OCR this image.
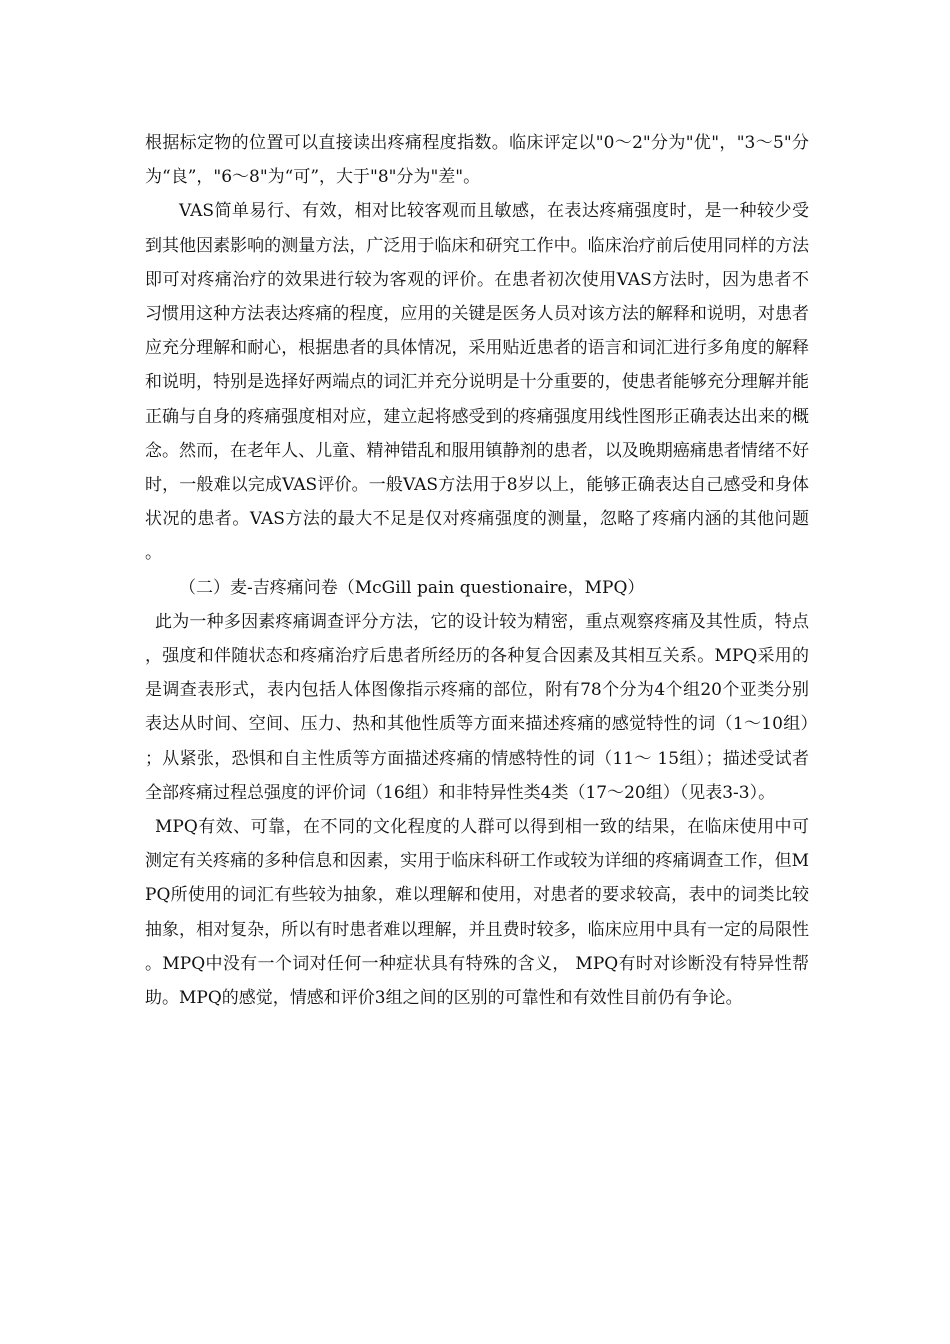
根据标定物的位置可以直接读出疼痛程度指数。临床评定以"0～2"分为"优"，"3～5"分为“良”，"6～8"为“可”，大于"8"分为"差"。

VAS简单易行、有效，相对比较客观而且敏感，在表达疼痛强度时，是一种较少受到其他因素影响的测量方法，广泛用于临床和研究工作中。临床治疗前后使用同样的方法即可对疼痛治疗的效果进行较为客观的评价。在患者初次使用VAS方法时，因为患者不习惯用这种方法表达疼痛的程度，应用的关键是医务人员对该方法的解释和说明，对患者应充分理解和耐心，根据患者的具体情况，采用贴近患者的语言和词汇进行多角度的解释和说明，特别是选择好两端点的词汇并充分说明是十分重要的，使患者能够充分理解并能正确与自身的疼痛强度相对应，建立起将感受到的疼痛强度用线性图形正确表达出来的概念。然而，在老年人、儿童、精神错乱和服用镇静剂的患者，以及晚期癌痛患者情绪不好时，一般难以完成VAS评价。一般VAS方法用于8岁以上，能够正确表达自己感受和身体状况的患者。VAS方法的最大不足是仅对疼痛强度的测量，忽略了疼痛内涵的其他问题。

（二）麦-吉疼痛问卷（McGill pain questionaire，MPQ）

此为一种多因素疼痛调查评分方法，它的设计较为精密，重点观察疼痛及其性质，特点，强度和伴随状态和疼痛治疗后患者所经历的各种复合因素及其相互关系。MPQ采用的是调查表形式，表内包括人体图像指示疼痛的部位，附有78个分为4个组20个亚类分别表达从时间、空间、压力、热和其他性质等方面来描述疼痛的感觉特性的词（1～10组）；从紧张，恐惧和自主性质等方面描述疼痛的情感特性的词（11～ 15组）；描述受试者全部疼痛过程总强度的评价词（16组）和非特异性类4类（17～20组）（见表3-3）。

MPQ有效、可靠，在不同的文化程度的人群可以得到相一致的结果，在临床使用中可测定有关疼痛的多种信息和因素，实用于临床科研工作或较为详细的疼痛调查工作，但MPQ所使用的词汇有些较为抽象，难以理解和使用，对患者的要求较高，表中的词类比较抽象，相对复杂，所以有时患者难以理解，并且费时较多，临床应用中具有一定的局限性。MPQ中没有一个词对任何一种症状具有特殊的含义， MPQ有时对诊断没有特异性帮助。MPQ的感觉，情感和评价3组之间的区别的可靠性和有效性目前仍有争论。
